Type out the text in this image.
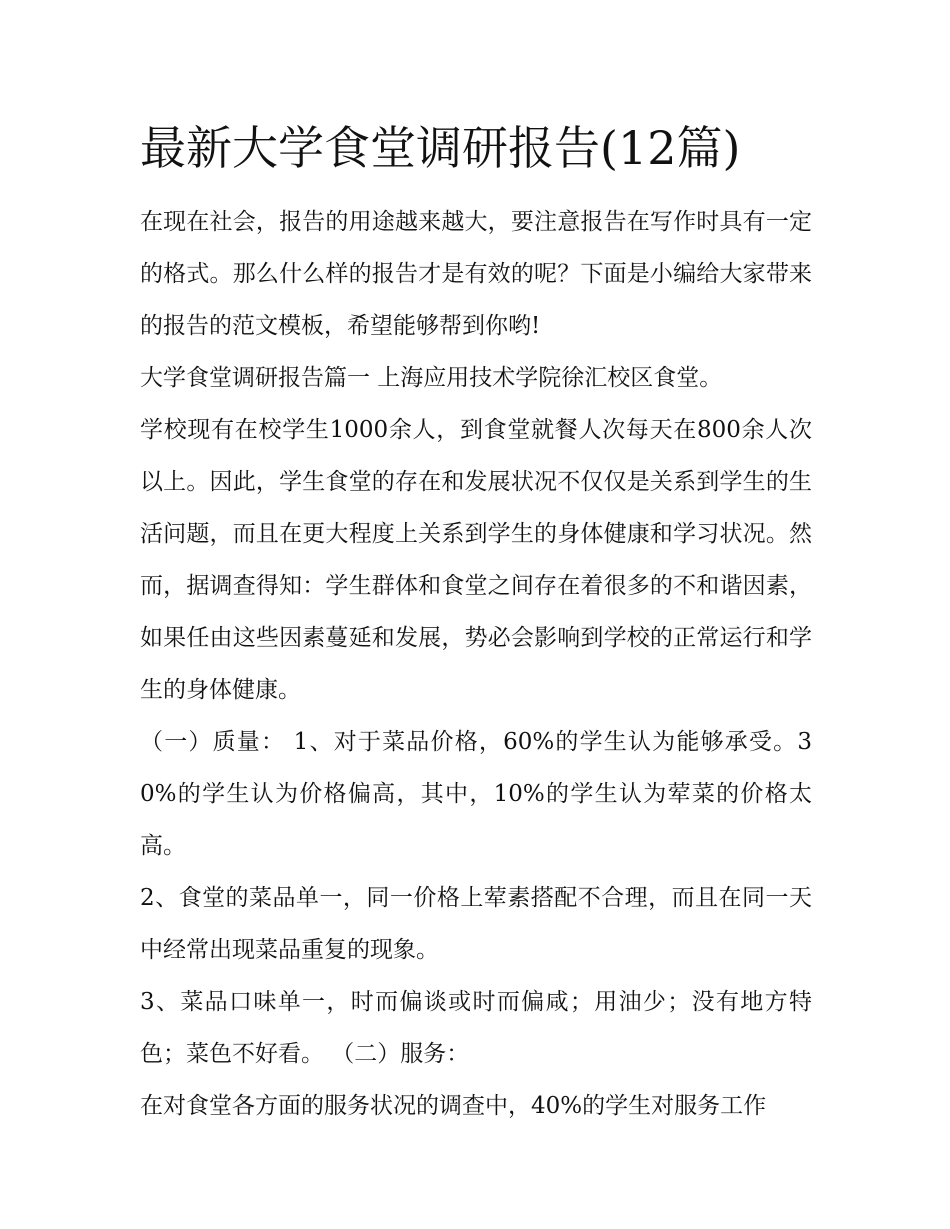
最新大学食堂调研报告(12篇)

在现在社会，报告的用途越来越大，要注意报告在写作时具有一定的格式。那么什么样的报告才是有效的呢？下面是小编给大家带来的报告的范文模板，希望能够帮到你哟!

大学食堂调研报告篇一 上海应用技术学院徐汇校区食堂。

学校现有在校学生1000余人，到食堂就餐人次每天在800余人次以上。因此，学生食堂的存在和发展状况不仅仅是关系到学生的生活问题，而且在更大程度上关系到学生的身体健康和学习状况。然而，据调查得知：学生群体和食堂之间存在着很多的不和谐因素，如果任由这些因素蔓延和发展，势必会影响到学校的正常运行和学生的身体健康。

（一）质量： 1、对于菜品价格，60%的学生认为能够承受。30%的学生认为价格偏高，其中，10%的学生认为荤菜的价格太高。

2、食堂的菜品单一，同一价格上荤素搭配不合理，而且在同一天中经常出现菜品重复的现象。

3、菜品口味单一，时而偏谈或时而偏咸；用油少；没有地方特色；菜色不好看。 （二）服务：

在对食堂各方面的服务状况的调查中，40%的学生对服务工作
